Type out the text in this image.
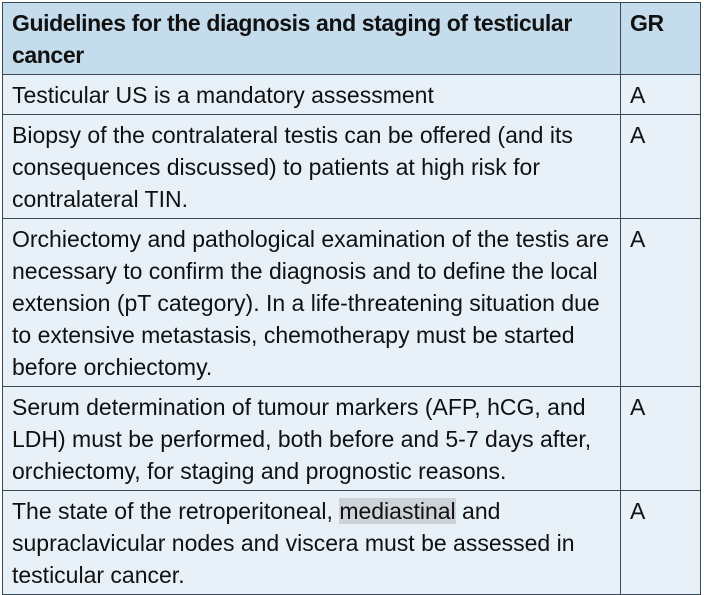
Guidelines for the diagnosis and staging of testicular cancer	GR
Testicular US is a mandatory assessment	A
Biopsy of the contralateral testis can be offered (and its consequences discussed) to patients at high risk for contralateral TIN.	A
Orchiectomy and pathological examination of the testis are necessary to confirm the diagnosis and to define the local extension (pT category). In a life-threatening situation due to extensive metastasis, chemotherapy must be started before orchiectomy.	A
Serum determination of tumour markers (AFP, hCG, and LDH) must be performed, both before and 5-7 days after, orchiectomy, for staging and prognostic reasons.	A
The state of the retroperitoneal, mediastinal and supraclavicular nodes and viscera must be assessed in testicular cancer.	A
